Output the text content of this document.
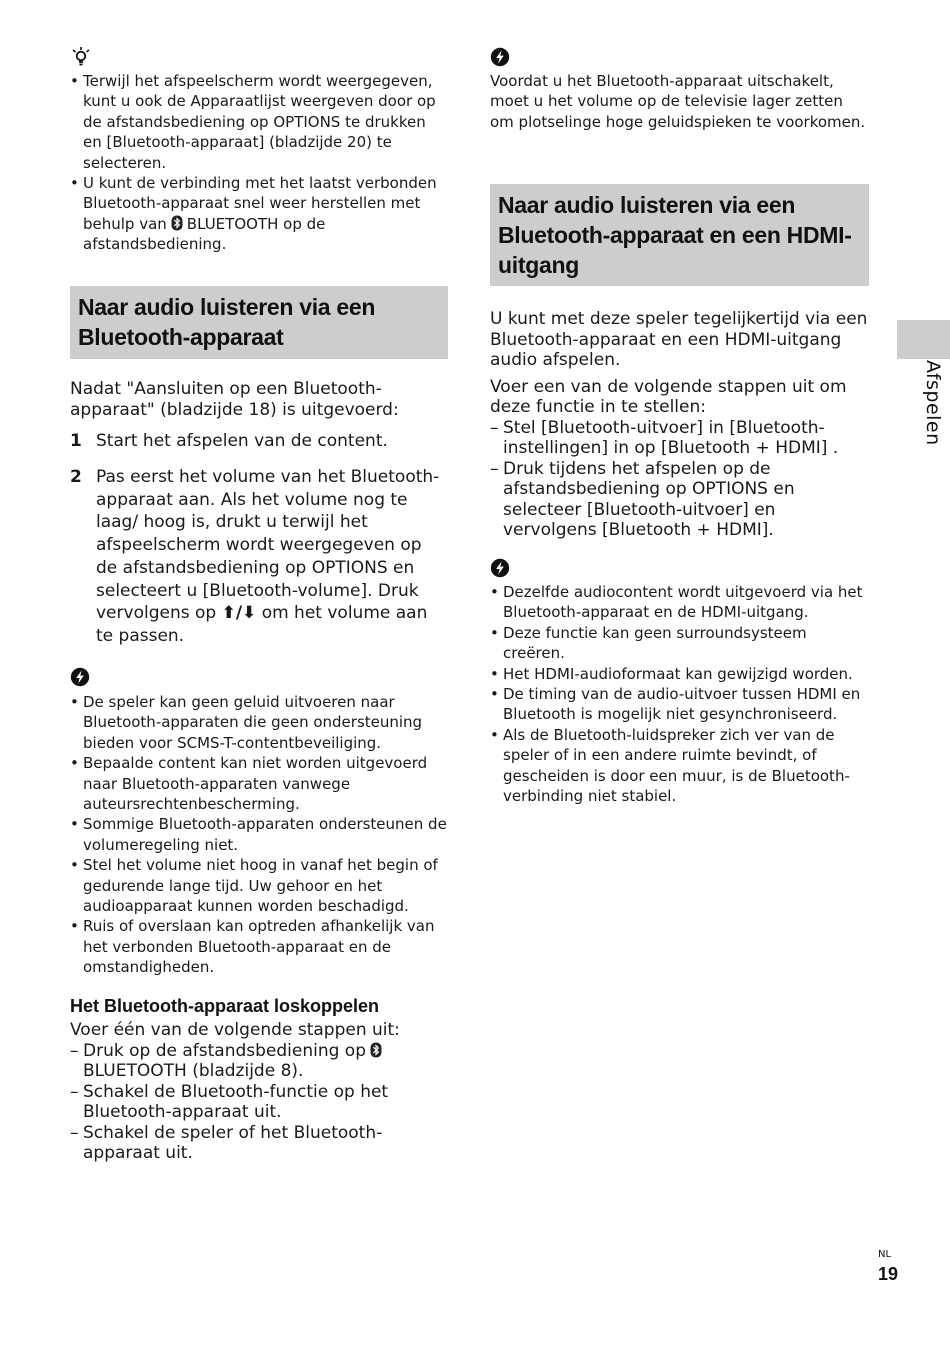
• Terwijl het afspeelscherm wordt weergegeven, kunt u ook de Apparaatlijst weergeven door op de afstandsbediening op OPTIONS te drukken en [Bluetooth-apparaat] (bladzijde 20) te selecteren.
• U kunt de verbinding met het laatst verbonden Bluetooth-apparaat snel weer herstellen met behulp van BLUETOOTH op de afstandsbediening.
Naar audio luisteren via een Bluetooth-apparaat

Nadat "Aansluiten op een Bluetooth-apparaat" (bladzijde 18) is uitgevoerd:

1 Start het afspelen van de content.
2 Pas eerst het volume van het Bluetooth-apparaat aan. Als het volume nog te laag/ hoog is, drukt u terwijl het afspeelscherm wordt weergegeven op de afstandsbediening op OPTIONS en selecteert u [Bluetooth-volume]. Druk vervolgens op ⬆/⬇ om het volume aan te passen.
• De speler kan geen geluid uitvoeren naar Bluetooth-apparaten die geen ondersteuning bieden voor SCMS-T-contentbeveiliging.
• Bepaalde content kan niet worden uitgevoerd naar Bluetooth-apparaten vanwege auteursrechtenbescherming.
• Sommige Bluetooth-apparaten ondersteunen de volumeregeling niet.
• Stel het volume niet hoog in vanaf het begin of gedurende lange tijd. Uw gehoor en het audioapparaat kunnen worden beschadigd.
• Ruis of overslaan kan optreden afhankelijk van het verbonden Bluetooth-apparaat en de omstandigheden.
Het Bluetooth-apparaat loskoppelen

Voer één van de volgende stappen uit:

– Druk op de afstandsbediening opBLUETOOTH (bladzijde 8).
– Schakel de Bluetooth-functie op het Bluetooth-apparaat uit.
– Schakel de speler of het Bluetooth-apparaat uit.
Voordat u het Bluetooth-apparaat uitschakelt, moet u het volume op de televisie lager zetten om plotselinge hoge geluidspieken te voorkomen.
Naar audio luisteren via een Bluetooth-apparaat en een HDMI-uitgang

U kunt met deze speler tegelijkertijd via een Bluetooth-apparaat en een HDMI-uitgang audio afspelen.

Voer een van de volgende stappen uit om deze functie in te stellen:

– Stel [Bluetooth-uitvoer] in [Bluetooth-instellingen] in op [Bluetooth + HDMI] .
– Druk tijdens het afspelen op de afstandsbediening op OPTIONS en selecteer [Bluetooth-uitvoer] en vervolgens [Bluetooth + HDMI].
• Dezelfde audiocontent wordt uitgevoerd via het Bluetooth-apparaat en de HDMI-uitgang.
• Deze functie kan geen surroundsysteem creëren.
• Het HDMI-audioformaat kan gewijzigd worden.
• De timing van de audio-uitvoer tussen HDMI en Bluetooth is mogelijk niet gesynchroniseerd.
• Als de Bluetooth-luidspreker zich ver van de speler of in een andere ruimte bevindt, of gescheiden is door een muur, is de Bluetooth-verbinding niet stabiel.
Afspelen
NL
19
